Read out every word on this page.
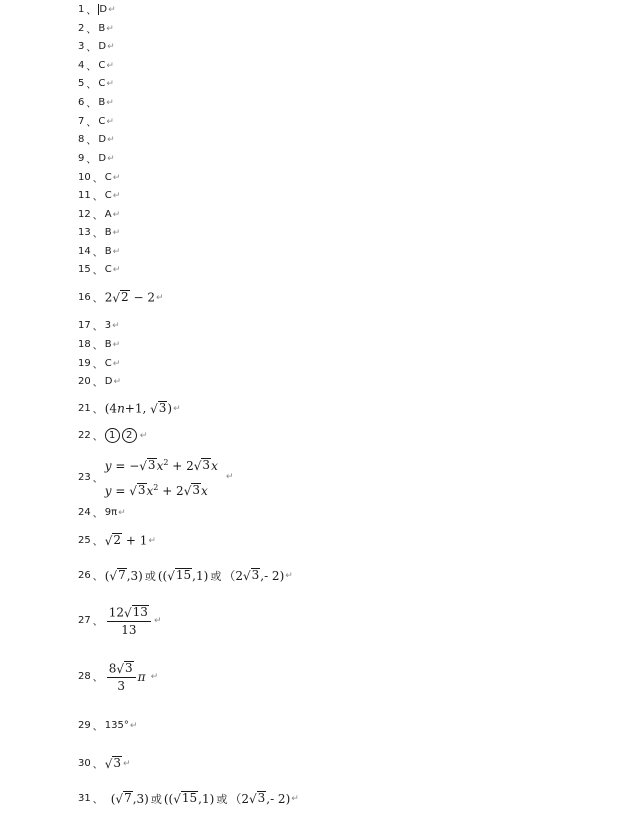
1 、 D ↵
2 、 B ↵
3 、 D ↵
4 、 C ↵
5 、 C ↵
6 、 B ↵
7 、 C ↵
8 、 D ↵
9 、 D ↵
10 、 C ↵
11 、 C ↵
12 、 A ↵
13 、 B ↵
14 、 B ↵
15 、 C ↵
17 、 3 ↵
18 、 B ↵
19 、 C ↵
20 、 D ↵
24 、 9π ↵
29 、 135° ↵
16 、 2 √ 2 − 2 ↵
21 、 (4n+1, √ 3 ) ↵
22 、 1 2 ↵
23 、
y = − √ 3 $x^2 + 2$ √ 3 x
y = √ 3 $x^2 + 2$ √ 3 x
↵
25 、 √ 2 + 1 ↵
26 、 ( √ 7 ,3) 或 (( √ 15 ,1) 或 （2 √ 3 ,- 2) ↵
27 、 $\frac{12 √ 13}{13}$ ↵
28 、 $\frac{8 √ 3}{3}$ π ↵
30 、 √ 3 ↵
31 、 ( √ 7 ,3) 或 (( √ 15 ,1) 或 （2 √ 3 ,- 2) ↵
